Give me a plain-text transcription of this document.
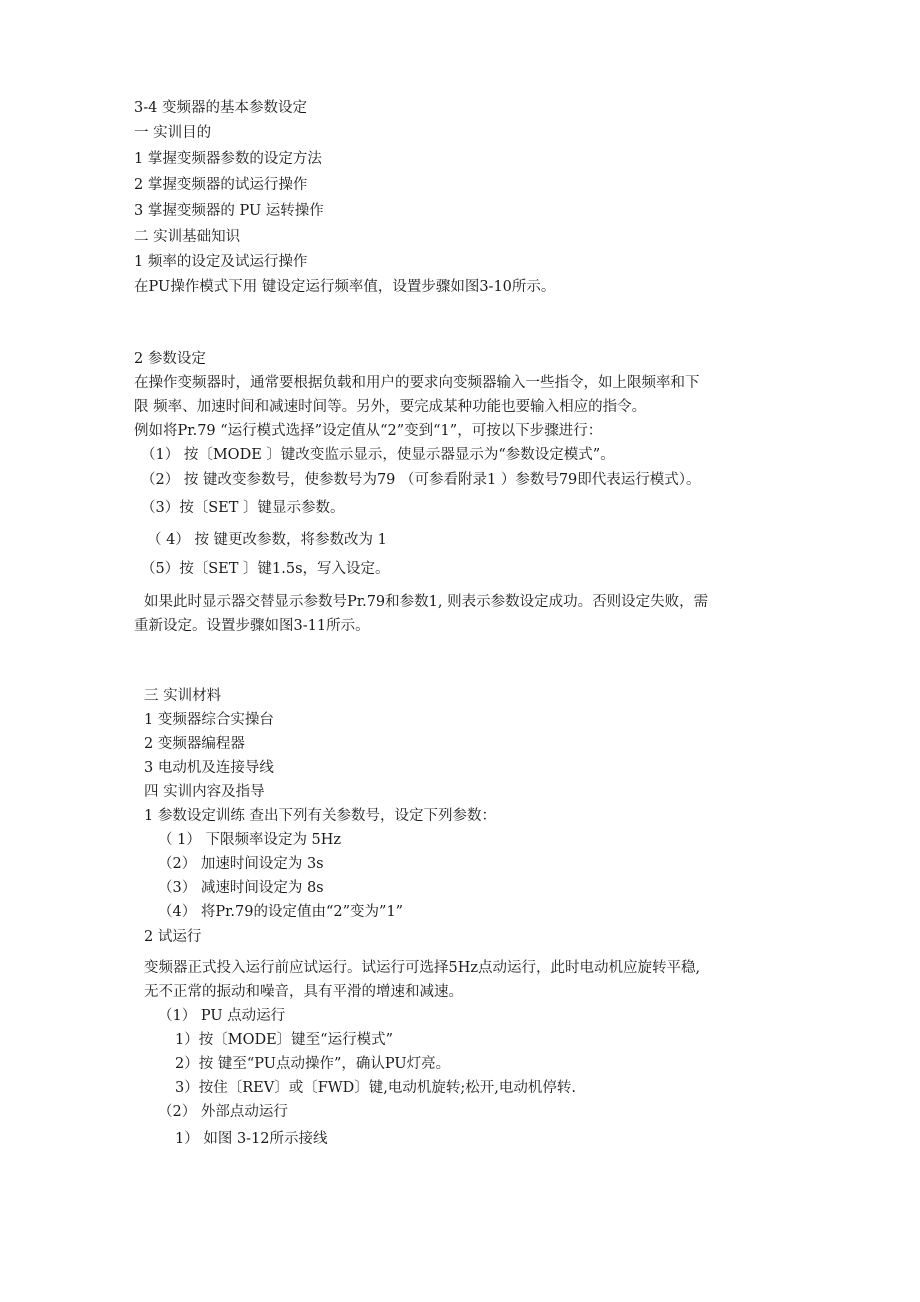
3-4 变频器的基本参数设定
一 实训目的
1 掌握变频器参数的设定方法
2 掌握变频器的试运行操作
3 掌握变频器的 PU 运转操作
二 实训基础知识
1 频率的设定及试运行操作
在PU操作模式下用 键设定运行频率值，设置步骤如图3-10所示。
2 参数设定
在操作变频器时，通常要根据负载和用户的要求向变频器输入一些指令，如上限频率和下
限 频率、加速时间和减速时间等。另外，要完成某种功能也要输入相应的指令。
例如将Pr.79 “运行模式选择”设定值从“2”变到“1”，可按以下步骤进行：
（1） 按〔MODE 〕键改变监示显示，使显示器显示为“参数设定模式”。
（2） 按 键改变参数号，使参数号为79 （可参看附录1 ）参数号79即代表运行模式）。
（3）按〔SET 〕键显示参数。
（ 4） 按 键更改参数，将参数改为 1
（5）按〔SET 〕键1.5s，写入设定。
如果此时显示器交替显示参数号Pr.79和参数1, 则表示参数设定成功。否则设定失败，需
重新设定。设置步骤如图3-11所示。
三 实训材料
1 变频器综合实操台
2 变频器编程器
3 电动机及连接导线
四 实训内容及指导
1 参数设定训练 查出下列有关参数号，设定下列参数：
（ 1） 下限频率设定为 5Hz
（2） 加速时间设定为 3s
（3） 减速时间设定为 8s
（4） 将Pr.79的设定值由“2”变为”1”
2 试运行
变频器正式投入运行前应试运行。试运行可选择5Hz点动运行，此时电动机应旋转平稳,
无不正常的振动和噪音，具有平滑的增速和减速。
（1） PU 点动运行
1）按〔MODE〕键至“运行模式”
2）按 键至“PU点动操作”，确认PU灯亮。
3）按住〔REV〕或〔FWD〕键,电动机旋转;松开,电动机停转.
（2） 外部点动运行
1） 如图 3-12所示接线
